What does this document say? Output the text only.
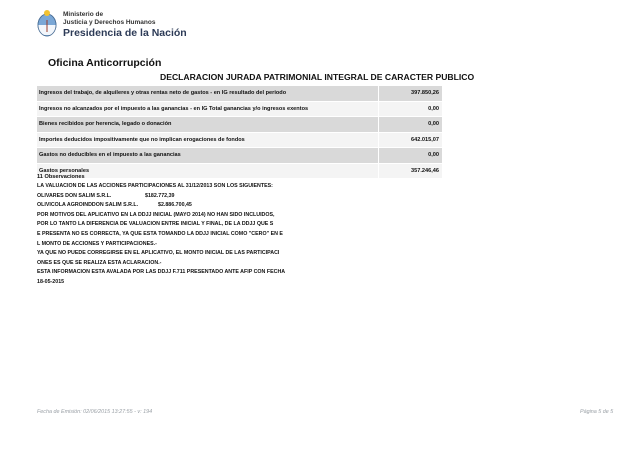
Ministerio de
Justicia y Derechos Humanos
Presidencia de la Nación
Oficina Anticorrupción
DECLARACION JURADA PATRIMONIAL INTEGRAL DE CARACTER PUBLICO
Ingresos del trabajo, de alquileres y otras rentas neto de gastos - en IG resultado del periodo	397.850,26
Ingresos no alcanzados por el impuesto a las ganancias - en IG Total ganancias y/o ingresos exentos	0,00
Bienes recibidos por herencia, legado o donación	0,00
Importes deducidos impositivamente que no implican erogaciones de fondos	642.015,07
Gastos no deducibles en el impuesto a las ganancias	0,00
Gastos personales	357.246,46
11 Observaciones
LA VALUACION DE LAS ACCIONES PARTICIPACIONES AL 31/12/2013 SON LOS SIGUIENTES:
OLIVARES DON SALIM S.R.L.	$182.772,39
OLIVICOLA AGROINDDON SALIM S.R.L.	$2.886.700,45
POR MOTIVOS DEL APLICATIVO EN LA DDJJ INICIAL (MAYO 2014) NO HAN SIDO INCLUIDOS,
POR LO TANTO LA DIFERENCIA DE VALUACION ENTRE INICIAL Y FINAL, DE LA DDJJ QUE S
E PRESENTA NO ES CORRECTA, YA QUE ESTA TOMANDO LA DDJJ INICIAL COMO "CERO" EN E
L MONTO DE ACCIONES Y PARTICIPACIONES.-
YA QUE NO PUEDE CORREGIRSE EN EL APLICATIVO, EL MONTO INICIAL DE LAS PARTICIPACI
ONES ES QUE SE REALIZA ESTA ACLARACION.-
ESTA INFORMACION ESTA AVALADA POR LAS DDJJ F.711 PRESENTADO ANTE AFIP CON FECHA
18-05-2015
Fecha de Emisión: 02/06/2015 13:27:55 - v: 194	Página 5 de 5
